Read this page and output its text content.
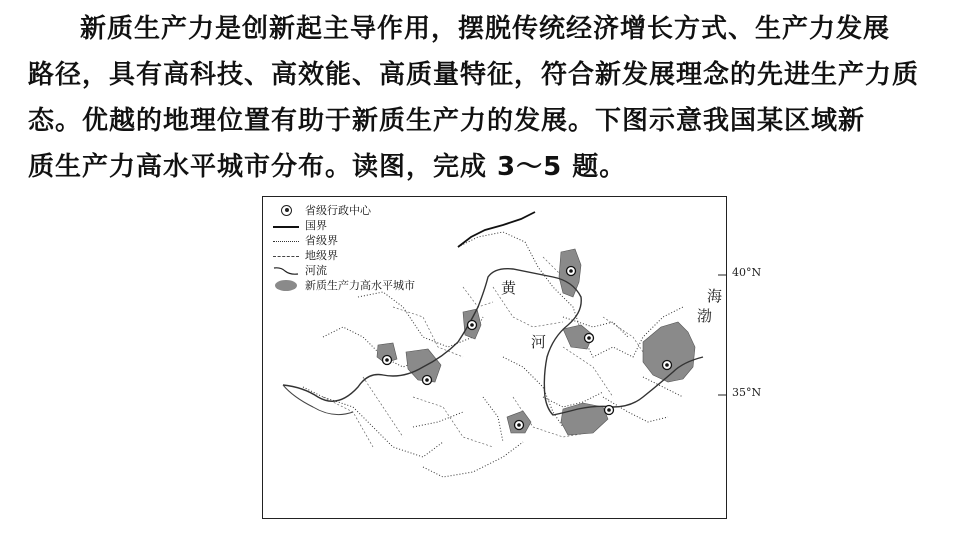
新质生产力是创新起主导作用，摆脱传统经济增长方式、生产力发展
路径，具有高科技、高效能、高质量特征，符合新发展理念的先进生产力质
态。优越的地理位置有助于新质生产力的发展。下图示意我国某区域新
质生产力高水平城市分布。读图，完成 3～5 题。
省级行政中心
国界
省级界
地级界
河流
新质生产力高水平城市	黄
河
海
渤
40°N
35°N
